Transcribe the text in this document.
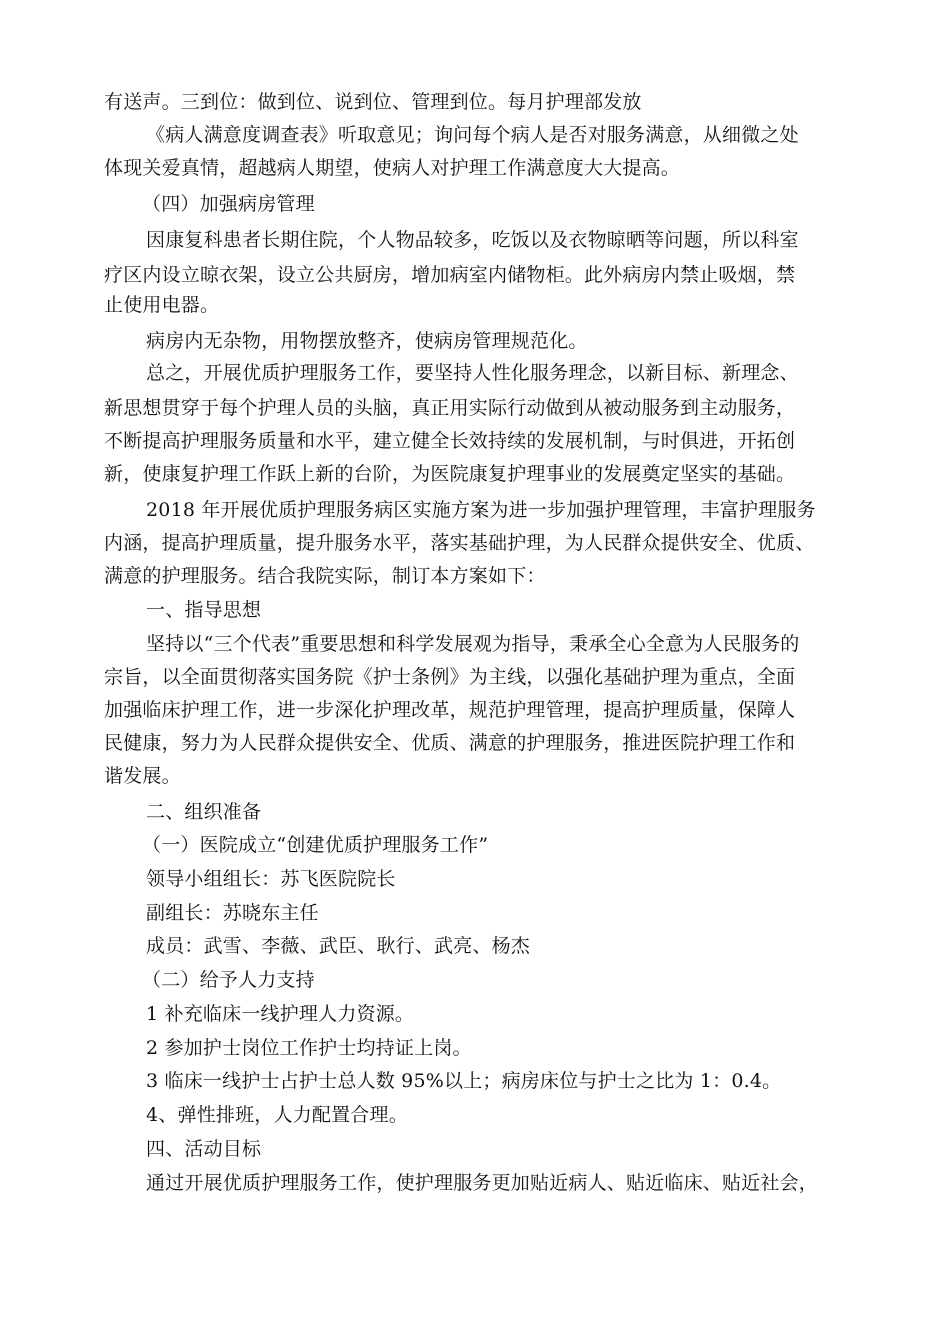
有送声。三到位：做到位、说到位、管理到位。每月护理部发放
《病人满意度调查表》听取意见；询问每个病人是否对服务满意，从细微之处
体现关爱真情，超越病人期望，使病人对护理工作满意度大大提高。
（四）加强病房管理
因康复科患者长期住院，个人物品较多，吃饭以及衣物晾晒等问题，所以科室
疗区内设立晾衣架，设立公共厨房，增加病室内储物柜。此外病房内禁止吸烟，禁
止使用电器。
病房内无杂物，用物摆放整齐，使病房管理规范化。
总之，开展优质护理服务工作，要坚持人性化服务理念，以新目标、新理念、
新思想贯穿于每个护理人员的头脑，真正用实际行动做到从被动服务到主动服务，
不断提高护理服务质量和水平，建立健全长效持续的发展机制，与时俱进，开拓创
新，使康复护理工作跃上新的台阶，为医院康复护理事业的发展奠定坚实的基础。
2018 年开展优质护理服务病区实施方案为进一步加强护理管理，丰富护理服务
内涵，提高护理质量，提升服务水平，落实基础护理，为人民群众提供安全、优质、
满意的护理服务。结合我院实际，制订本方案如下：
一、指导思想
坚持以“三个代表”重要思想和科学发展观为指导，秉承全心全意为人民服务的
宗旨，以全面贯彻落实国务院《护士条例》为主线，以强化基础护理为重点，全面
加强临床护理工作，进一步深化护理改革，规范护理管理，提高护理质量，保障人
民健康，努力为人民群众提供安全、优质、满意的护理服务，推进医院护理工作和
谐发展。
二、组织准备
（一）医院成立“创建优质护理服务工作”
领导小组组长：苏飞医院院长
副组长：苏晓东主任
成员：武雪、李薇、武臣、耿行、武亮、杨杰
（二）给予人力支持
1 补充临床一线护理人力资源。
2 参加护士岗位工作护士均持证上岗。
3 临床一线护士占护士总人数 95%以上；病房床位与护士之比为 1：0.4。
4、弹性排班，人力配置合理。
四、活动目标
通过开展优质护理服务工作，使护理服务更加贴近病人、贴近临床、贴近社会，
